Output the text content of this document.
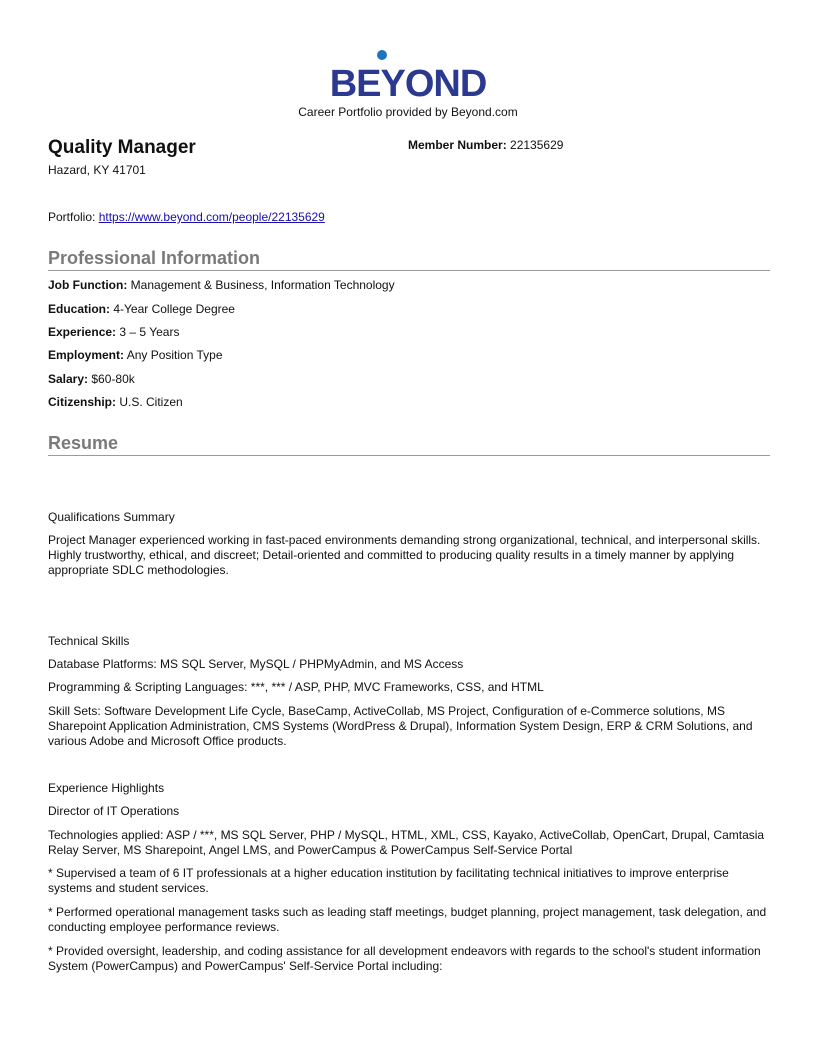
BEYOND
Career Portfolio provided by Beyond.com
Quality Manager	Member Number: 22135629
Hazard, KY 41701
Portfolio: https://www.beyond.com/people/22135629
Professional Information
Job Function: Management & Business, Information Technology
Education: 4-Year College Degree
Experience: 3 – 5 Years
Employment: Any Position Type
Salary: $60-80k
Citizenship: U.S. Citizen
Resume
Qualifications Summary
Project Manager experienced working in fast-paced environments demanding strong organizational, technical, and interpersonal skills. Highly trustworthy, ethical, and discreet; Detail-oriented and committed to producing quality results in a timely manner by applying appropriate SDLC methodologies.
Technical Skills
Database Platforms: MS SQL Server, MySQL / PHPMyAdmin, and MS Access
Programming & Scripting Languages: ***, *** / ASP, PHP, MVC Frameworks, CSS, and HTML
Skill Sets: Software Development Life Cycle, BaseCamp, ActiveCollab, MS Project, Configuration of e-Commerce solutions, MS Sharepoint Application Administration, CMS Systems (WordPress & Drupal), Information System Design, ERP & CRM Solutions, and various Adobe and Microsoft Office products.
Experience Highlights
Director of IT Operations
Technologies applied: ASP / ***, MS SQL Server, PHP / MySQL, HTML, XML, CSS, Kayako, ActiveCollab, OpenCart, Drupal, Camtasia Relay Server, MS Sharepoint, Angel LMS, and PowerCampus & PowerCampus Self-Service Portal
* Supervised a team of 6 IT professionals at a higher education institution by facilitating technical initiatives to improve enterprise systems and student services.
* Performed operational management tasks such as leading staff meetings, budget planning, project management, task delegation, and conducting employee performance reviews.
* Provided oversight, leadership, and coding assistance for all development endeavors with regards to the school's student information System (PowerCampus) and PowerCampus' Self-Service Portal including:
